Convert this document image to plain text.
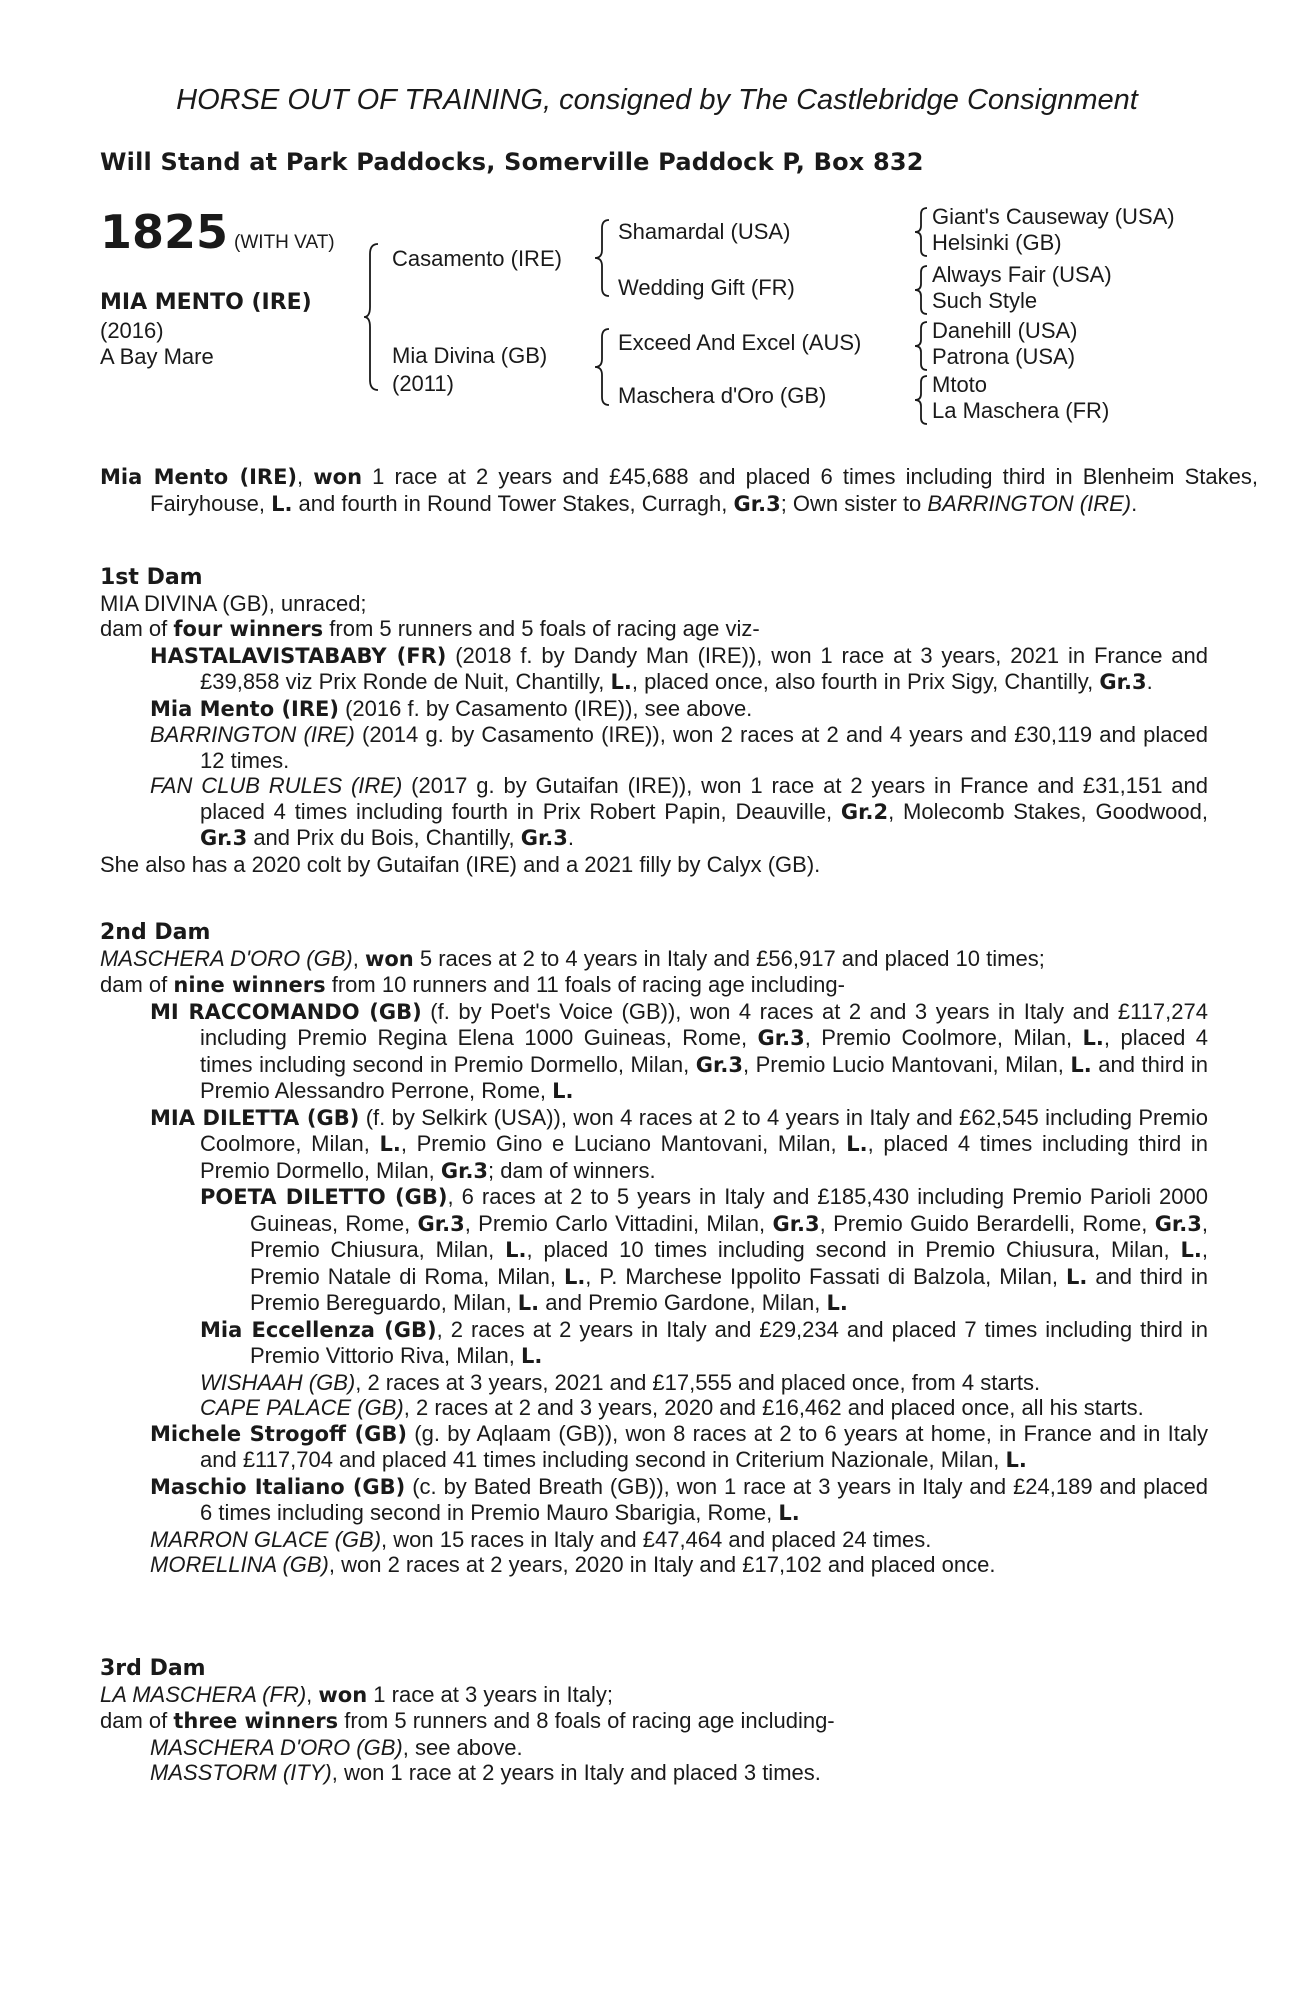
HORSE OUT OF TRAINING, consigned by The Castlebridge Consignment
Will Stand at Park Paddocks, Somerville Paddock P, Box 832
1825 (WITH VAT)
MIA MENTO (IRE)
(2016)
A Bay Mare
Casamento (IRE)
Mia Divina (GB)
(2011)
Shamardal (USA)
Wedding Gift (FR)
Exceed And Excel (AUS)
Maschera d'Oro (GB)
Giant's Causeway (USA)
Helsinki (GB)
Always Fair (USA)
Such Style
Danehill (USA)
Patrona (USA)
Mtoto
La Maschera (FR)
Mia Mento (IRE), won 1 race at 2 years and £45,688 and placed 6 times including third in Blenheim Stakes, Fairyhouse, L. and fourth in Round Tower Stakes, Curragh, Gr.3; Own sister to BARRINGTON (IRE).
1st Dam
MIA DIVINA (GB), unraced;
dam of four winners from 5 runners and 5 foals of racing age viz-
HASTALAVISTABABY (FR) (2018 f. by Dandy Man (IRE)), won 1 race at 3 years, 2021 in France and £39,858 viz Prix Ronde de Nuit, Chantilly, L., placed once, also fourth in Prix Sigy, Chantilly, Gr.3.
Mia Mento (IRE) (2016 f. by Casamento (IRE)), see above.
BARRINGTON (IRE) (2014 g. by Casamento (IRE)), won 2 races at 2 and 4 years and £30,119 and placed 12 times.
FAN CLUB RULES (IRE) (2017 g. by Gutaifan (IRE)), won 1 race at 2 years in France and £31,151 and placed 4 times including fourth in Prix Robert Papin, Deauville, Gr.2, Molecomb Stakes, Goodwood, Gr.3 and Prix du Bois, Chantilly, Gr.3.
She also has a 2020 colt by Gutaifan (IRE) and a 2021 filly by Calyx (GB).
2nd Dam
MASCHERA D'ORO (GB), won 5 races at 2 to 4 years in Italy and £56,917 and placed 10 times;
dam of nine winners from 10 runners and 11 foals of racing age including-
MI RACCOMANDO (GB) (f. by Poet's Voice (GB)), won 4 races at 2 and 3 years in Italy and £117,274 including Premio Regina Elena 1000 Guineas, Rome, Gr.3, Premio Coolmore, Milan, L., placed 4 times including second in Premio Dormello, Milan, Gr.3, Premio Lucio Mantovani, Milan, L. and third in Premio Alessandro Perrone, Rome, L.
MIA DILETTA (GB) (f. by Selkirk (USA)), won 4 races at 2 to 4 years in Italy and £62,545 including Premio Coolmore, Milan, L., Premio Gino e Luciano Mantovani, Milan, L., placed 4 times including third in Premio Dormello, Milan, Gr.3; dam of winners.
POETA DILETTO (GB), 6 races at 2 to 5 years in Italy and £185,430 including Premio Parioli 2000 Guineas, Rome, Gr.3, Premio Carlo Vittadini, Milan, Gr.3, Premio Guido Berardelli, Rome, Gr.3, Premio Chiusura, Milan, L., placed 10 times including second in Premio Chiusura, Milan, L., Premio Natale di Roma, Milan, L., P. Marchese Ippolito Fassati di Balzola, Milan, L. and third in Premio Bereguardo, Milan, L. and Premio Gardone, Milan, L.
Mia Eccellenza (GB), 2 races at 2 years in Italy and £29,234 and placed 7 times including third in Premio Vittorio Riva, Milan, L.
WISHAAH (GB), 2 races at 3 years, 2021 and £17,555 and placed once, from 4 starts.
CAPE PALACE (GB), 2 races at 2 and 3 years, 2020 and £16,462 and placed once, all his starts.
Michele Strogoff (GB) (g. by Aqlaam (GB)), won 8 races at 2 to 6 years at home, in France and in Italy and £117,704 and placed 41 times including second in Criterium Nazionale, Milan, L.
Maschio Italiano (GB) (c. by Bated Breath (GB)), won 1 race at 3 years in Italy and £24,189 and placed 6 times including second in Premio Mauro Sbarigia, Rome, L.
MARRON GLACE (GB), won 15 races in Italy and £47,464 and placed 24 times.
MORELLINA (GB), won 2 races at 2 years, 2020 in Italy and £17,102 and placed once.
3rd Dam
LA MASCHERA (FR), won 1 race at 3 years in Italy;
dam of three winners from 5 runners and 8 foals of racing age including-
MASCHERA D'ORO (GB), see above.
MASSTORM (ITY), won 1 race at 2 years in Italy and placed 3 times.
